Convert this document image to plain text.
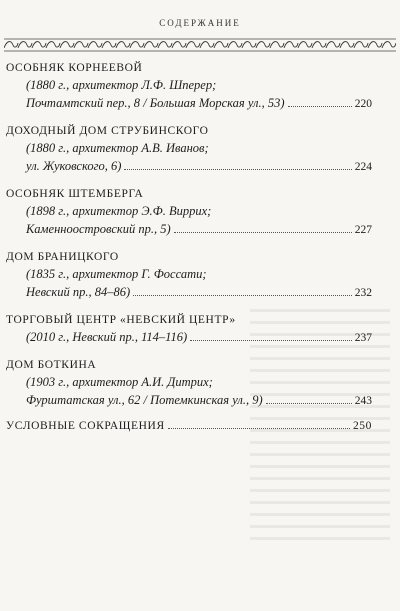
СОДЕРЖАНИЕ
ОСОБНЯК КОРНЕЕВОЙ
(1880 г., архитектор Л.Ф. Шперер;
Почтамтский пер., 8 / Большая Морская ул., 53)	220
ДОХОДНЫЙ ДОМ СТРУБИНСКОГО
(1880 г., архитектор А.В. Иванов;
ул. Жуковского, 6)	224
ОСОБНЯК ШТЕМБЕРГА
(1898 г., архитектор Э.Ф. Виррих;
Каменноостровский пр., 5)	227
ДОМ БРАНИЦКОГО
(1835 г., архитектор Г. Фоссати;
Невский пр., 84–86)	232
ТОРГОВЫЙ ЦЕНТР «НЕВСКИЙ ЦЕНТР»
(2010 г., Невский пр., 114–116)	237
ДОМ БОТКИНА
(1903 г., архитектор А.И. Дитрих;
Фурштатская ул., 62 / Потемкинская ул., 9)	243
УСЛОВНЫЕ СОКРАЩЕНИЯ	250
